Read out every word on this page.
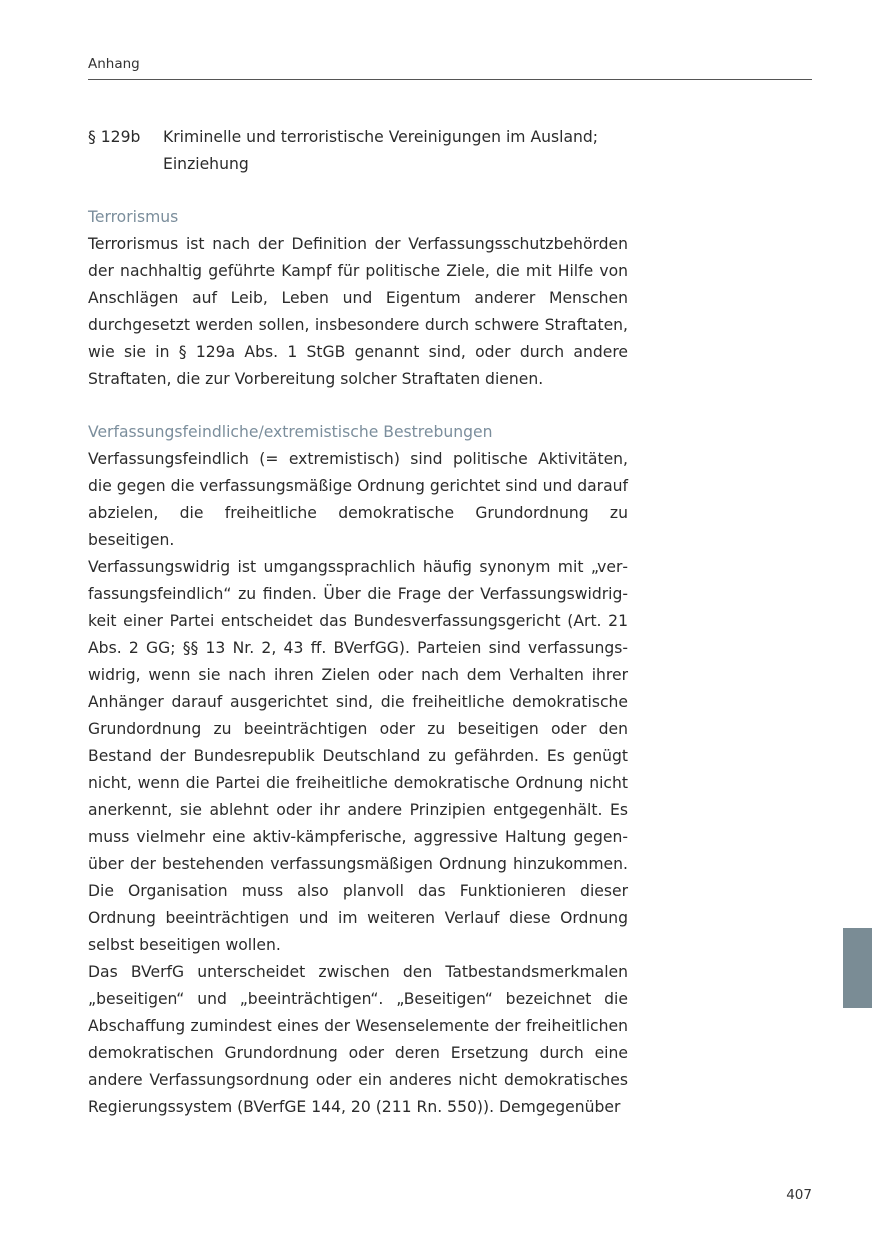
Anhang
§ 129b	Kriminelle und terroristische Vereinigungen im Ausland;
Einziehung
Terrorismus
Terrorismus ist nach der Definition der Verfassungsschutzbehörden der nachhaltig geführte Kampf für politische Ziele, die mit Hilfe von Anschlägen auf Leib, Leben und Eigentum anderer Menschen durchgesetzt werden sollen, insbesondere durch schwere Straftaten, wie sie in § 129a Abs. 1 StGB genannt sind, oder durch andere Straftaten, die zur Vorbereitung solcher Straftaten dienen.
Verfassungsfeindliche/extremistische Bestrebungen
Verfassungsfeindlich (= extremistisch) sind politische Aktivitäten, die gegen die verfassungsmäßige Ordnung gerichtet sind und darauf abzielen, die freiheitliche demokratische Grundordnung zu beseitigen.
Verfassungswidrig ist umgangssprachlich häufig synonym mit „verfassungsfeindlich“ zu finden. Über die Frage der Verfassungswidrigkeit einer Partei entscheidet das Bundesverfassungsgericht (Art. 21 Abs. 2 GG; §§ 13 Nr. 2, 43 ff. BVerfGG). Parteien sind verfassungswidrig, wenn sie nach ihren Zielen oder nach dem Verhalten ihrer Anhänger darauf ausgerichtet sind, die freiheitliche demokratische Grundordnung zu beeinträchtigen oder zu beseitigen oder den Bestand der Bundesrepublik Deutschland zu gefährden. Es genügt nicht, wenn die Partei die freiheitliche demokratische Ordnung nicht anerkennt, sie ablehnt oder ihr andere Prinzipien entgegenhält. Es muss vielmehr eine aktiv-kämpferische, aggressive Haltung gegenüber der bestehenden verfassungsmäßigen Ordnung hinzukommen. Die Organisation muss also planvoll das Funktionieren dieser Ordnung beeinträchtigen und im weiteren Verlauf diese Ordnung selbst beseitigen wollen.
Das BVerfG unterscheidet zwischen den Tatbestandsmerkmalen „beseitigen“ und „beeinträchtigen“. „Beseitigen“ bezeichnet die Abschaffung zumindest eines der Wesenselemente der freiheitlichen demokratischen Grundordnung oder deren Ersetzung durch eine andere Verfassungsordnung oder ein anderes nicht demokratisches Regierungssystem (BVerfGE 144, 20 (211 Rn. 550)). Demgegenüber
407
